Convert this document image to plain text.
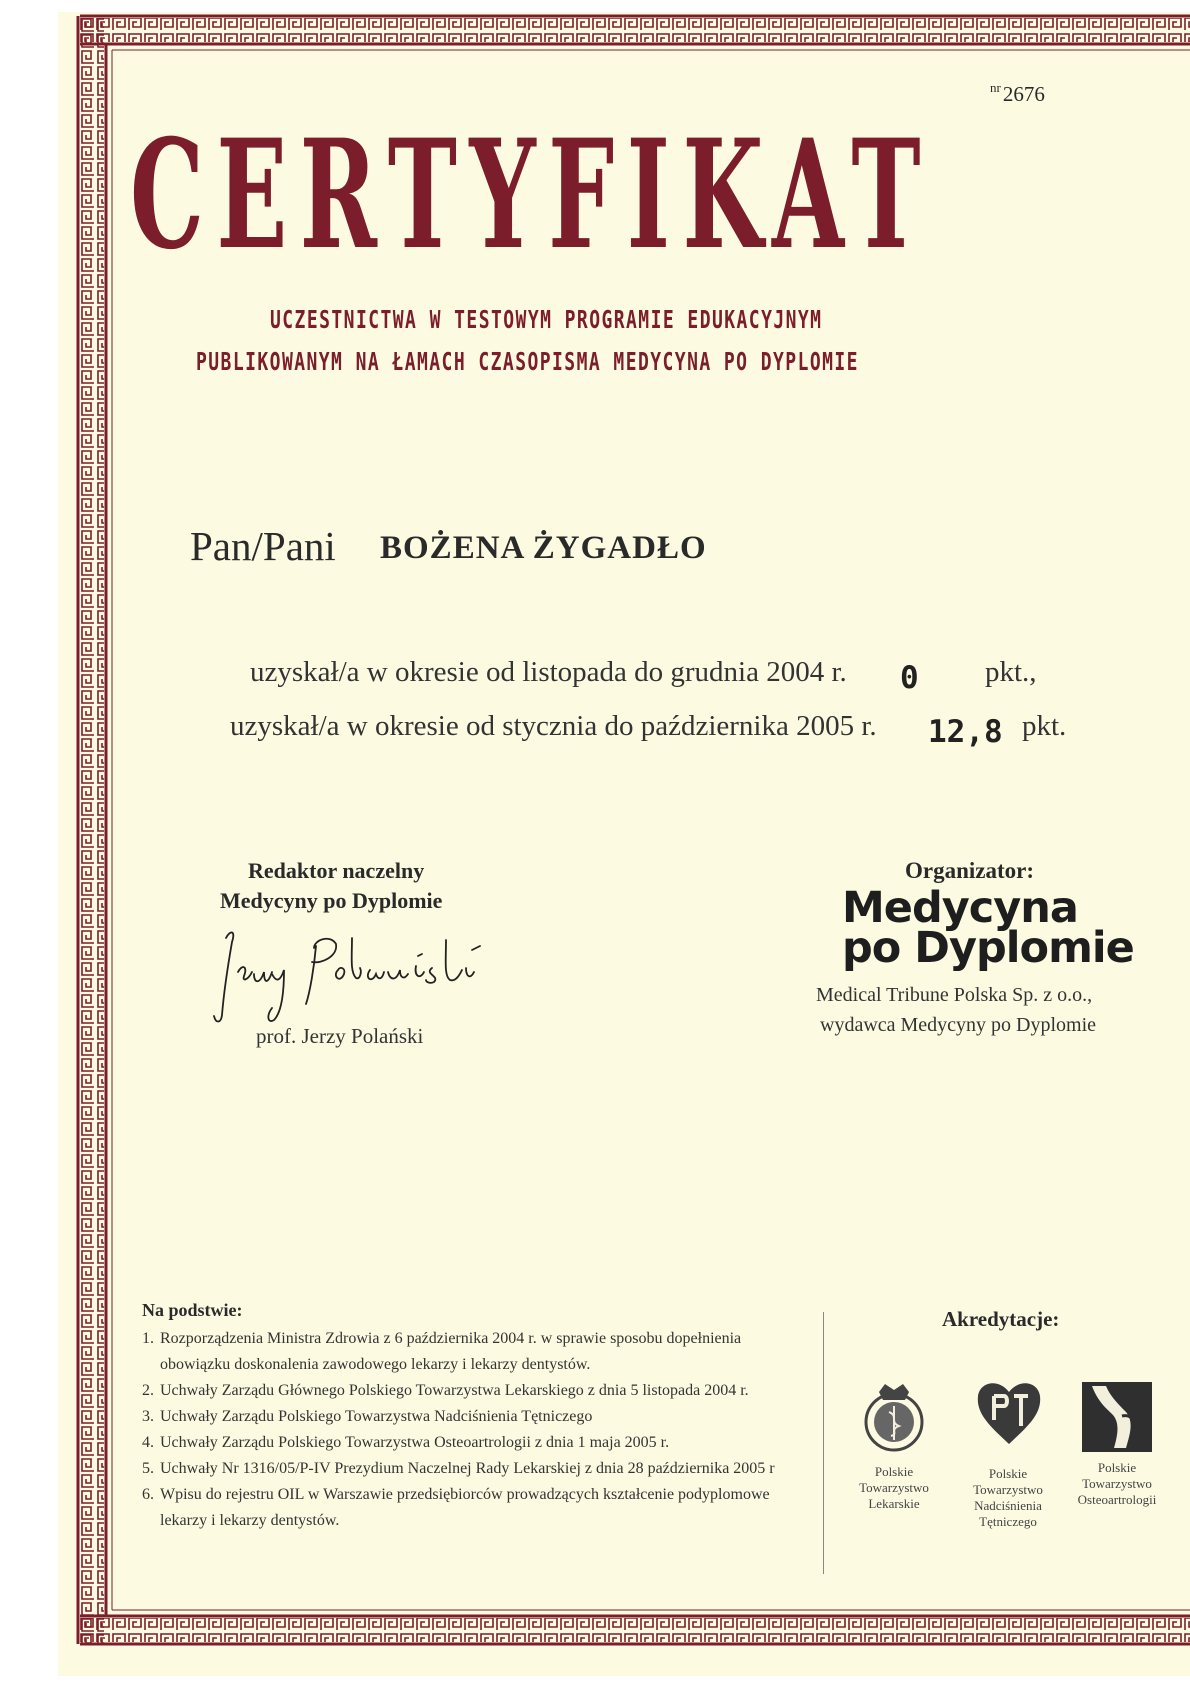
$^{nr}$2676
CERTYFIKAT
UCZESTNICTWA W TESTOWYM PROGRAMIE EDUKACYJNYM
PUBLIKOWANYM NA ŁAMACH CZASOPISMA MEDYCYNA PO DYPLOMIE
Pan/Pani BOŻENA ŻYGADŁO
uzyskał/a w okresie od listopada do grudnia 2004 r. 0 pkt.,
uzyskał/a w okresie od stycznia do października 2005 r. 12,8 pkt.
Redaktor naczelny
Medycyny po Dyplomie
prof. Jerzy Polański
Organizator:
Medycyna
po Dyplomie
Medical Tribune Polska Sp. z o.o.,
wydawca Medycyny po Dyplomie
Na podstwie:
1. Rozporządzenia Ministra Zdrowia z 6 października 2004 r. w sprawie sposobu dopełnienia obowiązku doskonalenia zawodowego lekarzy i lekarzy dentystów.
2. Uchwały Zarządu Głównego Polskiego Towarzystwa Lekarskiego z dnia 5 listopada 2004 r.
3. Uchwały Zarządu Polskiego Towarzystwa Nadciśnienia Tętniczego
4. Uchwały Zarządu Polskiego Towarzystwa Osteoartrologii z dnia 1 maja 2005 r.
5. Uchwały Nr 1316/05/P-IV Prezydium Naczelnej Rady Lekarskiej z dnia 28 października 2005 r
6. Wpisu do rejestru OIL w Warszawie przedsiębiorców prowadzących kształcenie podyplomowe lekarzy i lekarzy dentystów.
Akredytacje:
Polskie
Towarzystwo
Lekarskie
Polskie
Towarzystwo
Nadciśnienia
Tętniczego
Polskie
Towarzystwo
Osteoartrologii
